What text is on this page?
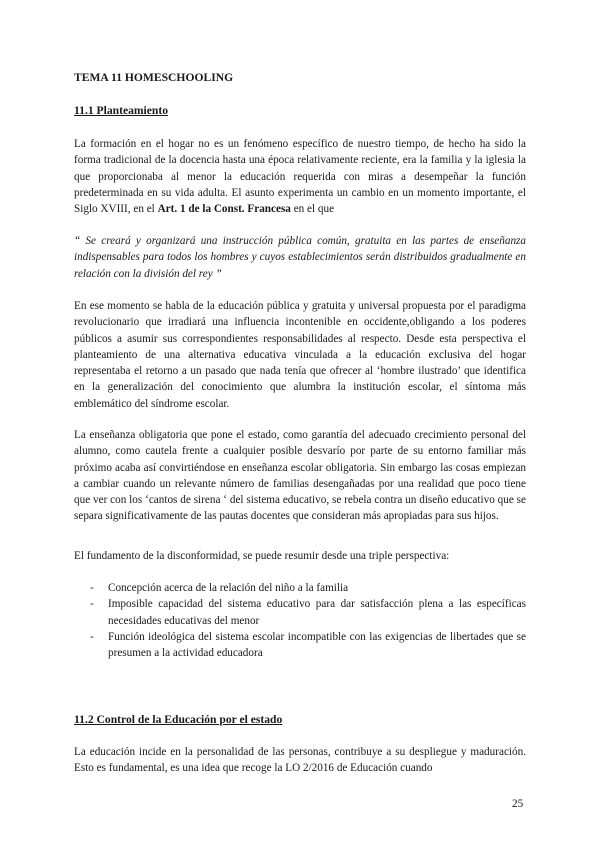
TEMA 11 HOMESCHOOLING
11.1 Planteamiento
La formación en el hogar no es un fenómeno específico de nuestro tiempo, de hecho ha sido la forma tradicional de la docencia hasta una época relativamente reciente, era la familia y la iglesia la que proporcionaba al menor la educación requerida con miras a desempeñar la función predeterminada en su vida adulta. El asunto experimenta un cambio en un momento importante, el Siglo XVIII, en el Art. 1 de la Const. Francesa en el que
“ Se creará y organizará una instrucción pública común, gratuita en las partes de enseñanza indispensables para todos los hombres y cuyos establecimientos serán distribuidos gradualmente en relación con la división del rey ”
En ese momento se habla de la educación pública y gratuita y universal propuesta por el paradigma revolucionario que irradiará una influencia incontenible en occidente,obligando a los poderes públicos a asumir sus correspondientes responsabilidades al respecto. Desde esta perspectiva el planteamiento de una alternativa educativa vinculada a la educación exclusiva del hogar representaba el retorno a un pasado que nada tenía que ofrecer al ‘hombre ilustrado’ que identifica en la generalización del conocimiento que alumbra la institución escolar, el síntoma más emblemático del síndrome escolar.
La enseñanza obligatoria que pone el estado, como garantía del adecuado crecimiento personal del alumno, como cautela frente a cualquier posible desvarío por parte de su entorno familiar más próximo acaba así convirtiéndose en enseñanza escolar obligatoria. Sin embargo las cosas empiezan a cambiar cuando un relevante número de familias desengañadas por una realidad que poco tiene que ver con los ‘cantos de sirena ‘ del sistema educativo, se rebela contra un diseño educativo que se separa significativamente de las pautas docentes que consideran más apropiadas para sus hijos.
El fundamento de la disconformidad, se puede resumir desde una triple perspectiva:
- Concepción acerca de la relación del niño a la familia
- Imposible capacidad del sistema educativo para dar satisfacción plena a las específicas necesidades educativas del menor
- Función ideológica del sistema escolar incompatible con las exigencias de libertades que se presumen a la actividad educadora
11.2 Control de la Educación por el estado
La educación incide en la personalidad de las personas, contribuye a su despliegue y maduración. Esto es fundamental, es una idea que recoge la LO 2/2016 de Educación cuando
25
